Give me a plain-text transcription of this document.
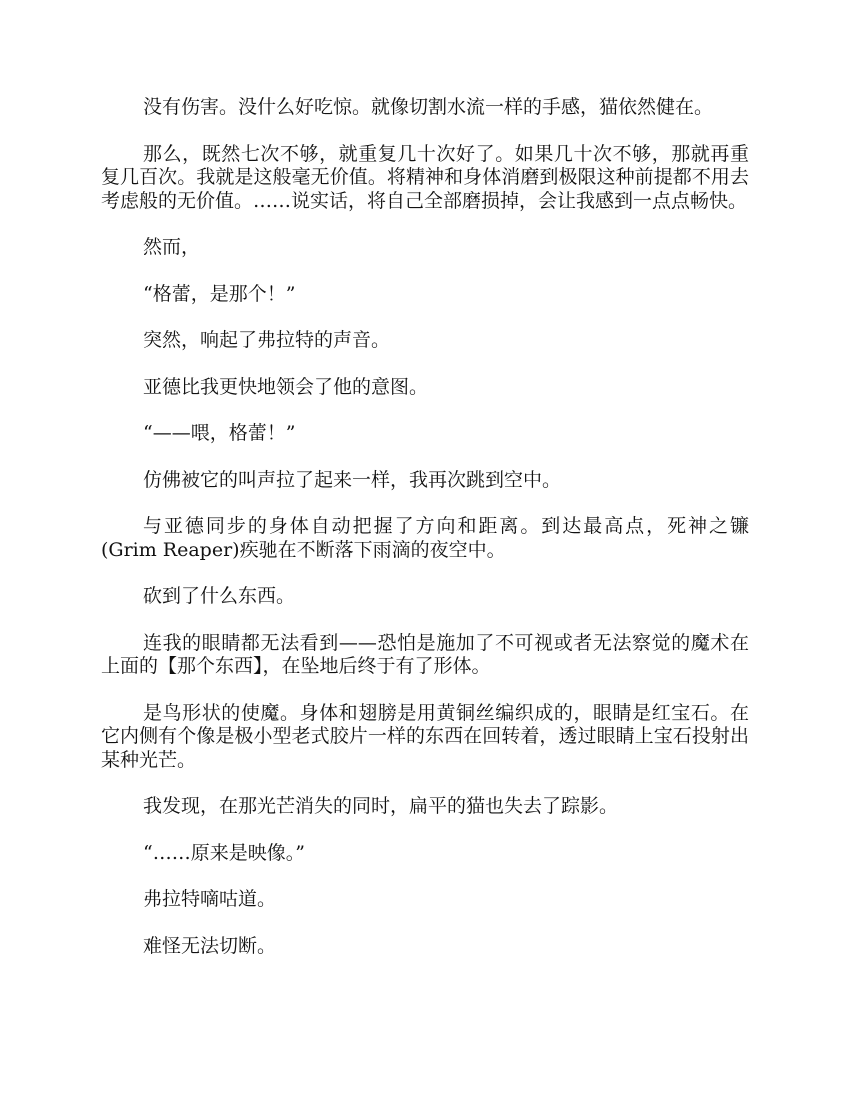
没有伤害。没什么好吃惊。就像切割水流一样的手感，猫依然健在。

那么，既然七次不够，就重复几十次好了。如果几十次不够，那就再重复几百次。我就是这般毫无价值。将精神和身体消磨到极限这种前提都不用去考虑般的无价值。……说实话，将自己全部磨损掉，会让我感到一点点畅快。

然而，

“格蕾，是那个！”

突然，响起了弗拉特的声音。

亚德比我更快地领会了他的意图。

“——喂，格蕾！”

仿佛被它的叫声拉了起来一样，我再次跳到空中。

与亚德同步的身体自动把握了方向和距离。到达最高点，死神之镰(Grim Reaper)疾驰在不断落下雨滴的夜空中。

砍到了什么东西。

连我的眼睛都无法看到——恐怕是施加了不可视或者无法察觉的魔术在上面的【那个东西】，在坠地后终于有了形体。

是鸟形状的使魔。身体和翅膀是用黄铜丝编织成的，眼睛是红宝石。在它内侧有个像是极小型老式胶片一样的东西在回转着，透过眼睛上宝石投射出某种光芒。

我发现，在那光芒消失的同时，扁平的猫也失去了踪影。

“……原来是映像。”

弗拉特嘀咕道。

难怪无法切断。
